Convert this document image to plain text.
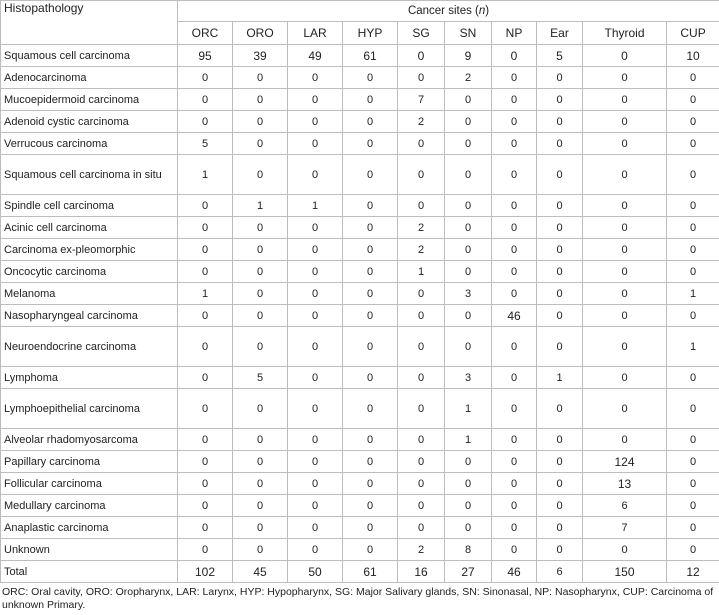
Histopathology	Cancer sites (n)									
	ORC	ORO	LAR	HYP	SG	SN	NP	Ear	Thyroid	CUP
Squamous cell carcinoma	95	39	49	61	0	9	0	5	0	10
Adenocarcinoma	0	0	0	0	0	2	0	0	0	0
Mucoepidermoid carcinoma	0	0	0	0	7	0	0	0	0	0
Adenoid cystic carcinoma	0	0	0	0	2	0	0	0	0	0
Verrucous carcinoma	5	0	0	0	0	0	0	0	0	0
Squamous cell carcinoma in situ	1	0	0	0	0	0	0	0	0	0
Spindle cell carcinoma	0	1	1	0	0	0	0	0	0	0
Acinic cell carcinoma	0	0	0	0	2	0	0	0	0	0
Carcinoma ex-pleomorphic	0	0	0	0	2	0	0	0	0	0
Oncocytic carcinoma	0	0	0	0	1	0	0	0	0	0
Melanoma	1	0	0	0	0	3	0	0	0	1
Nasopharyngeal carcinoma	0	0	0	0	0	0	46	0	0	0
Neuroendocrine carcinoma	0	0	0	0	0	0	0	0	0	1
Lymphoma	0	5	0	0	0	3	0	1	0	0
Lymphoepithelial carcinoma	0	0	0	0	0	1	0	0	0	0
Alveolar rhadomyosarcoma	0	0	0	0	0	1	0	0	0	0
Papillary carcinoma	0	0	0	0	0	0	0	0	124	0
Follicular carcinoma	0	0	0	0	0	0	0	0	13	0
Medullary carcinoma	0	0	0	0	0	0	0	0	6	0
Anaplastic carcinoma	0	0	0	0	0	0	0	0	7	0
Unknown	0	0	0	0	2	8	0	0	0	0
Total	102	45	50	61	16	27	46	6	150	12
ORC: Oral cavity, ORO: Oropharynx, LAR: Larynx, HYP: Hypopharynx, SG: Major Salivary glands, SN: Sinonasal, NP: Nasopharynx, CUP: Carcinoma of unknown Primary.
